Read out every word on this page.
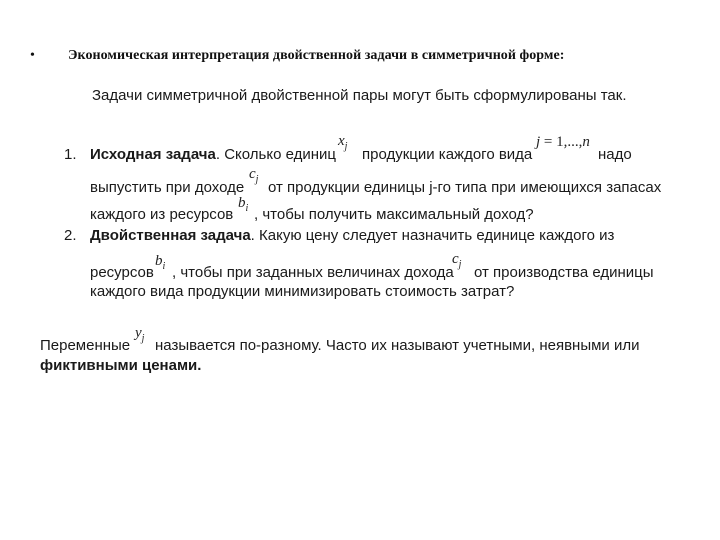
• Экономическая интерпретация двойственной задачи в симметричной форме:
Задачи симметричной двойственной пары могут быть сформулированы так.
1. Исходная задача. Сколько единиц
$x_j$ продукции каждого вида
j = 1,...,n
надо
выпустить при доходе
$c_j$ от продукции единицы j-го типа при имеющихся запасах
каждого из ресурсов
$b_i$ , чтобы получить максимальный доход?
2. Двойственная задача. Какую цену следует назначить единице каждого из
ресурсов
$b_i$ , чтобы при заданных величинах дохода
$c_j$ от производства единицы
каждого вида продукции минимизировать стоимость затрат?
Переменные
$y_j$ называется по-разному. Часто их называют учетными, неявными или
фиктивными ценами.
